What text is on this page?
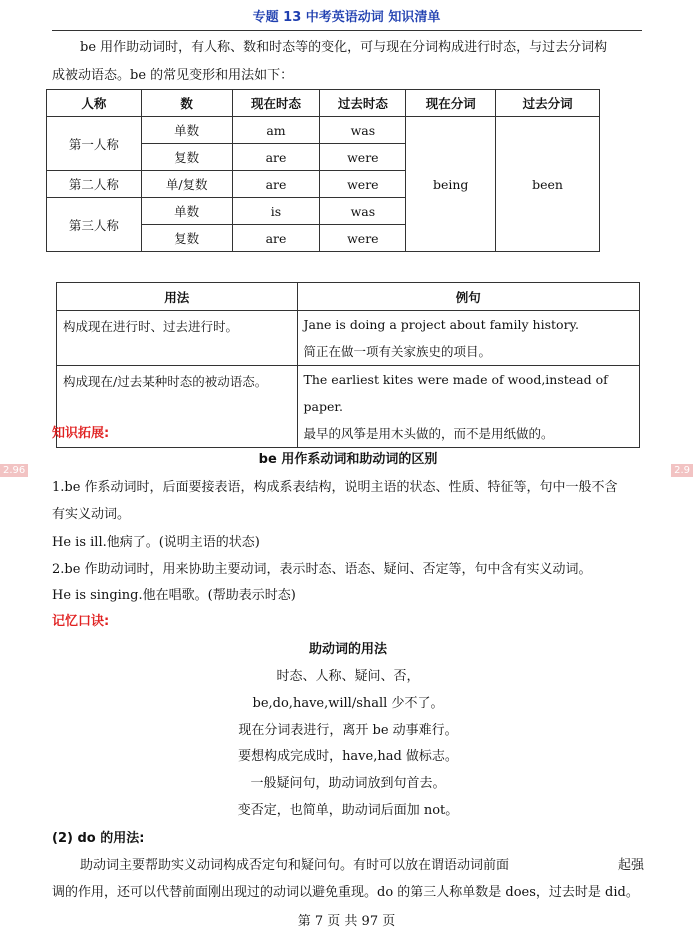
专题 13 中考英语动词 知识清单
be 用作助动词时，有人称、数和时态等的变化，可与现在分词构成进行时态，与过去分词构
成被动语态。be 的常见变形和用法如下：
人称	数	现在时态	过去时态	现在分词	过去分词
第一人称	单数	am	was	being	been
	复数	are	were		
第二人称	单/复数	are	were		
第三人称	单数	is	was		
	复数	are	were		
用法	例句
构成现在进行时、过去进行时。	Jane is doing a project about family history.
简正在做一项有关家族史的项目。

构成现在/过去某种时态的被动语态。	The earliest kites were made of wood,instead of paper.
最早的风筝是用木头做的，而不是用纸做的。
知识拓展:
2.96	2.9
be 用作系动词和助动词的区别
1.be 作系动词时，后面要接表语，构成系表结构，说明主语的状态、性质、特征等，句中一般不含
有实义动词。
He is ill.他病了。(说明主语的状态)
2.be 作助动词时，用来协助主要动词，表示时态、语态、疑问、否定等，句中含有实义动词。
He is singing.他在唱歌。(帮助表示时态)
记忆口诀:
助动词的用法
时态、人称、疑问、否，
be,do,have,will/shall 少不了。
现在分词表进行，离开 be 动事难行。
要想构成完成时，have,had 做标志。
一般疑问句，助动词放到句首去。
变否定，也简单，助动词后面加 not。
(2) do 的用法:
助动词主要帮助实义动词构成否定句和疑问句。有时可以放在谓语动词前面	起强
调的作用，还可以代替前面刚出现过的动词以避免重现。do 的第三人称单数是 does，过去时是 did。
第 7 页 共 97 页
